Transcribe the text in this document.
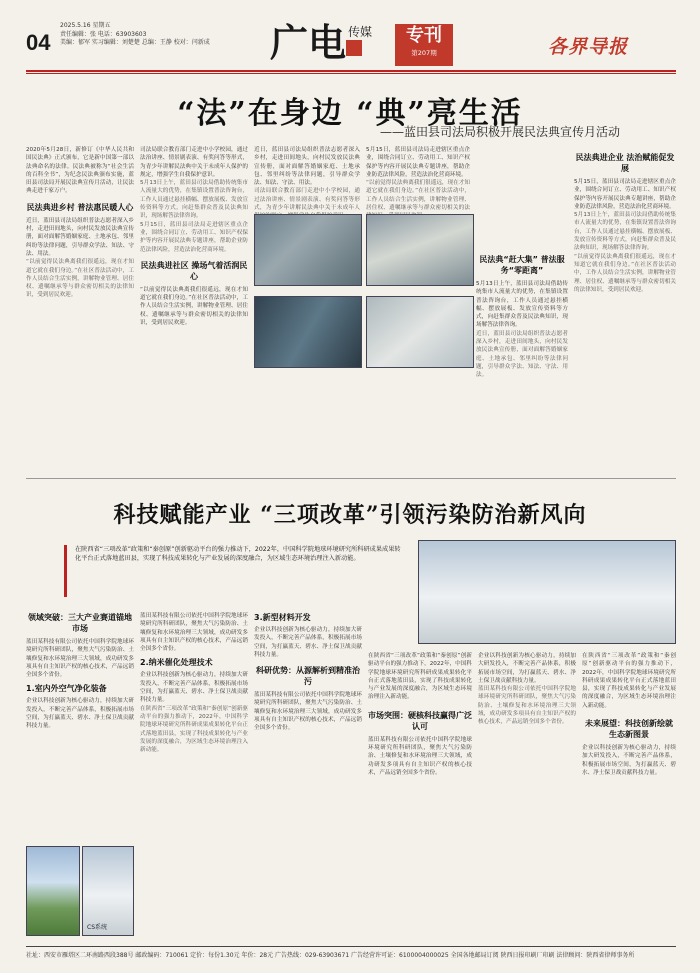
04
2025.5.16 星期五
责任编辑：张 电话：63903603
美编：郁军 实习编辑：刘楚楚 总编：王静 校对：闫新成	广电 传媒	专刊
第207期	各界导报
“法”在身边 “典”亮生活
——蓝田县司法局积极开展民法典宣传月活动

2020年5月28日，新修订《中华人民共和国民法典》正式颁布，它是新中国第一部以法典命名的法律。民法典被称为“社会生活的百科全书”，为纪念民法典颁布实施，蓝田县司法局开展民法典宣传月活动，让民法典走进千家万户。

民法典进乡村 普法惠民暖人心

近日，蓝田县司法局组织普法志愿者深入乡村，走进田间地头，向村民发放民法典宣传册，面对面解答婚姻家庭、土地承包、邻里纠纷等法律问题，引导群众学法、知法、守法、用法。

“以前觉得民法典离我们很遥远，现在才知道它就在我们身边。”在社区普法活动中，工作人员结合生活实例，讲解物业管理、居住权、遗嘱继承等与群众密切相关的法律知识，受到居民欢迎。

司法局联合教育部门走进中小学校园，通过法治讲座、情景剧表演、有奖问答等形式，为青少年讲解民法典中关于未成年人保护的规定，增强学生自我保护意识。

5月13日上午，蓝田县司法局借助传统集市人流量大的优势，在集镇设置普法咨询台，工作人员通过悬挂横幅、摆放展板、发放宣传资料等方式，向赶集群众普及民法典知识，现场解答法律咨询。

5月15日，蓝田县司法局走进辖区重点企业，围绕合同订立、劳动用工、知识产权保护等内容开展民法典专题讲座，帮助企业防范法律风险，营造法治化营商环境。

民法典进社区 操场气着活润民心

“以前觉得民法典离我们很遥远，现在才知道它就在我们身边。”在社区普法活动中，工作人员结合生活实例，讲解物业管理、居住权、遗嘱继承等与群众密切相关的法律知识，受到居民欢迎。

近日，蓝田县司法局组织普法志愿者深入乡村，走进田间地头，向村民发放民法典宣传册，面对面解答婚姻家庭、土地承包、邻里纠纷等法律问题，引导群众学法、知法、守法、用法。

司法局联合教育部门走进中小学校园，通过法治讲座、情景剧表演、有奖问答等形式，为青少年讲解民法典中关于未成年人

5月15日，蓝田县司法局走进辖区重点企业，围绕合同订立、劳动用工、知识产权保护等内容开展民法典专题讲座，帮助企业防范法律风险，营造法治化营商环境。

“以前觉得民法典离我们很遥远，现在才知道它就在我们身边。”在社区普法活动中，工作人员结合生活实例，讲解物业管理、居住权、遗嘱继承等与群众密切相关的法

民法典“赶大集” 普法服务“零距离”

5月13日上午，蓝田县司法局借助传统集市人流量大的优势，在集镇设置普法咨询台，工作人员通过悬挂横幅、摆放展板、发放宣传资料等方式，向赶集群众普及民法典知识，现场解答法律咨询。

近日，蓝田县司法局组织普法志愿者深入乡村，走进田间地头，向村民发放民法典宣传册，面对面解答婚姻家庭、土地承包、邻里纠纷等法律问题，引导群众学法、知法、守法、用法。

民法典进企业 法治赋能促发展

5月15日，蓝田县司法局走进辖区重点企业，围绕合同订立、劳动用工、知识产权保护等内容开展民法典专题讲座，帮助企业防范法律风险，营造法治化营商环境。

5月13日上午，蓝田县司法局借助传统集市人流量大的优势，在集镇设置普法咨询台，工作人员通过悬挂横幅、摆放展板、发放宣传资料等方式，向赶集群众普及民法典知识，现场解答法律咨询。

“以前觉得民法典离我们很遥远，现在才知道它就在我们身边。”在社区普法活动中，工作人员结合生活实例，讲解物业管理、居住权、遗嘱继承等与群众密切相关的法律知识，受到居民欢迎。

科技赋能产业 “三项改革”引领污染防治新风向
在陕西省“三项改革”政策和“秦创原”创新驱动平台的强力推动下，2022年，中国科学院地球环境研究所科研成果成果转化平台正式落地蓝田县，实现了科技成果转化与产业发展的深度融合，为区域生态环境治理注入新动能。
领域突破：三大产业赛道锚地市场

蓝田某科技有限公司依托中国科学院地球环境研究所科研团队，聚焦大气污染防治、土壤修复和水环境治理三大领域，成功研发多项具有自主知识产权的核心技术，产品远销全国多个省份。

1.室内外空气净化装备

企业以科技创新为核心驱动力，持续加大研发投入，不断完善产品体系，积极拓展市场空间，为打赢蓝天、碧水、净土保卫战贡献科技力量。

蓝田某科技有限公司依托中国科学院地球环境研究所科研团队，聚焦大气污染防治、土壤修复和水环境治理三大领域，成功研发多项具有自主知识产权的核心技术，产品远销全国多个省份。

2.纳米催化处理技术

企业以科技创新为核心驱动力，持续加大研发投入，不断完善产品体系，积极拓展市场空间，为打赢蓝天、碧水、净土保卫战贡献科技力量。

在陕西省“三项改革”政策和“秦创原”创新驱动平台的强力推动下，2022年，中国科学院地球环境研究所科研成果成果转化平台正式落地蓝田县，实现了科技成果转化与产业发展的深度融合，为区域生态环境治理注入新动能。

3.新型材料开发

企业以科技创新为核心驱动力，持续加大研发投入，不断完善产品体系，积极拓展市场空间，为打赢蓝天、碧水、净土保卫战贡献科技力量。

科研优势：从源解析到精准治污

蓝田某科技有限公司依托中国科学院地球环境研究所科研团队，聚焦大气污染防治、土壤修复和水环境治理三大领域，成功研发多项具有自主知识产权的核心技术，产品远销全国多个省份。

在陕西省“三项改革”政策和“秦创原”创新驱动平台的强力推动下，2022年，中国科学院地球环境研究所科研成果成果转化平台正式落地蓝田县，实现了科技成果转化与产业发展的深度融合，为区域生态环境治理注入新动能。

市场突围：硬核科技赢得广泛认可

蓝田某科技有限公司依托中国科学院地球环境研究所科研团队，聚焦大气污染防治、土壤修复和水环境治理三大领域，成功研发多项具有自主知识产权的核心技术，产品远销全国多个省份。

企业以科技创新为核心驱动力，持续加大研发投入，不断完善产品体系，积极拓展市场空间，为打赢蓝天、碧水、净土保卫战贡献科技力量。

蓝田某科技有限公司依托中国科学院地球环境研究所科研团队，聚焦大气污染防治、土壤修复和水环境治理三大领域，成功研发多项具有自主知识产权的核心技术，产品远销全国多个省份。

在陕西省“三项改革”政策和“秦创原”创新驱动平台的强力推动下，2022年，中国科学院地球环境研究所科研成果成果转化平台正式落地蓝田县，实现了科技成果转化与产业发展的深度融合，为区域生态环境治理注入新动能。

未来展望：科技创新绘就生态新图景

企业以科技创新为核心驱动力，持续加大研发投入，不断完善产品体系，积极拓展市场空间，为打赢蓝天、碧水、净土保卫战贡献科技力量。

CS系统
社址：西安市雁塔区二环南路西段388号 邮政编码：710061 定价：每份1.30元 年价：28元 广告热线：029-63903671 广告经营许可证：6100004000025 全国各地邮局订阅 陕西日报印刷厂印刷 法律顾问：陕西省律师事务所
